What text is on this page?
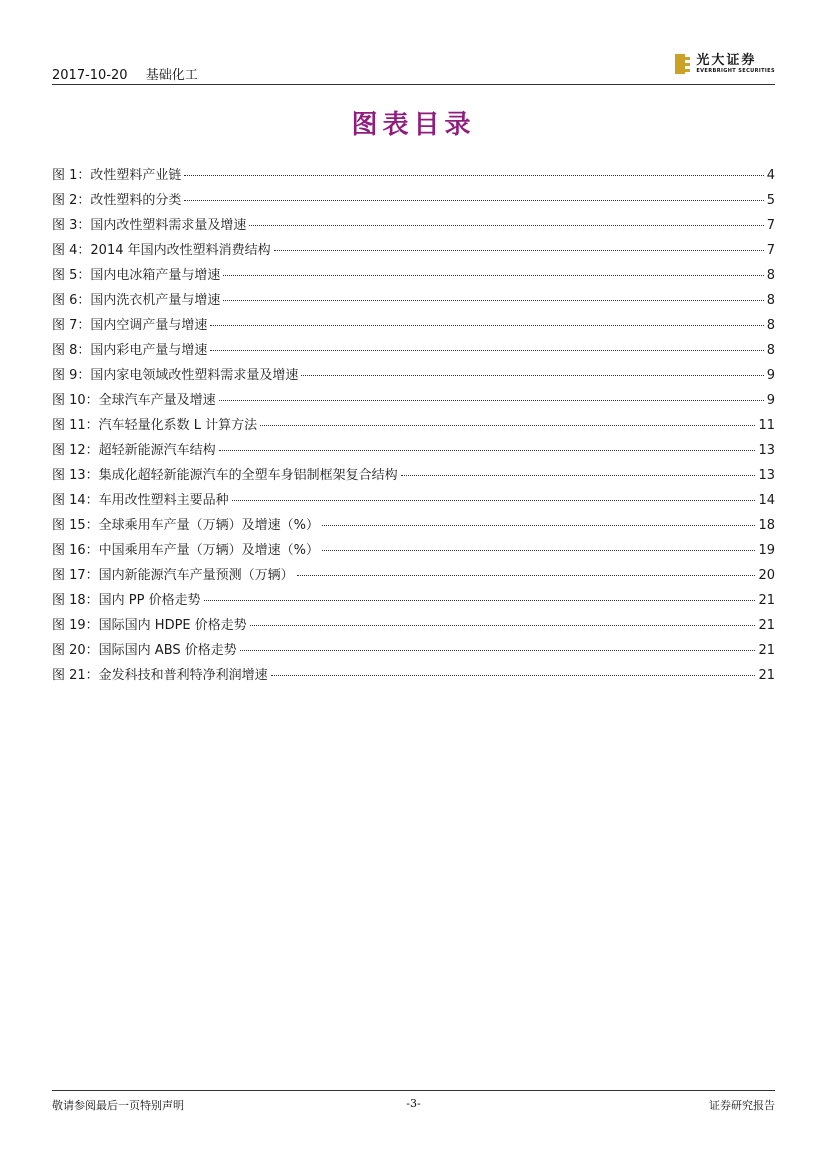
2017-10-20 基础化工
光大证券
EVERBRIGHT SECURITIES
图表目录
图 1：改性塑料产业链	4
图 2：改性塑料的分类	5
图 3：国内改性塑料需求量及增速	7
图 4：2014 年国内改性塑料消费结构	7
图 5：国内电冰箱产量与增速	8
图 6：国内洗衣机产量与增速	8
图 7：国内空调产量与增速	8
图 8：国内彩电产量与增速	8
图 9：国内家电领域改性塑料需求量及增速	9
图 10：全球汽车产量及增速	9
图 11：汽车轻量化系数 L 计算方法	11
图 12：超轻新能源汽车结构	13
图 13：集成化超轻新能源汽车的全塑车身铝制框架复合结构	13
图 14：车用改性塑料主要品种	14
图 15：全球乘用车产量（万辆）及增速（%）	18
图 16：中国乘用车产量（万辆）及增速（%）	19
图 17：国内新能源汽车产量预测（万辆）	20
图 18：国内 PP 价格走势	21
图 19：国际国内 HDPE 价格走势	21
图 20：国际国内 ABS 价格走势	21
图 21：金发科技和普利特净利润增速	21
敬请参阅最后一页特别声明	-3-	证券研究报告
